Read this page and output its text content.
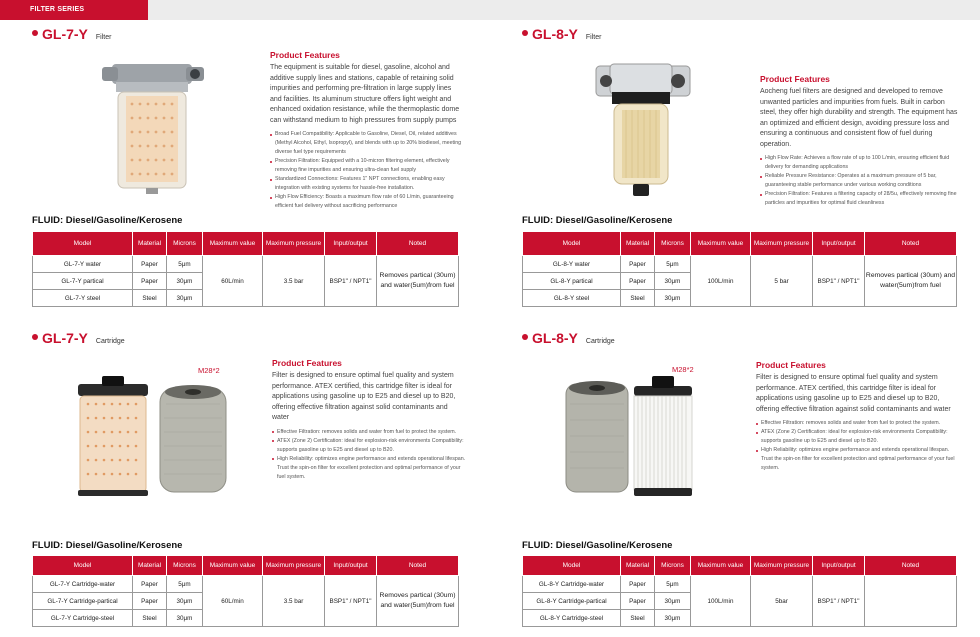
FILTER SERIES
GL-7-Y Filter
Product Features

The equipment is suitable for diesel, gasoline, alcohol and additive supply lines and stations, capable of retaining solid impurities and performing pre-filtration in large supply lines and facilities. Its aluminum structure offers light weight and enhanced oxidation resistance, while the thermoplastic dome can withstand medium to high pressures from supply pumps

Broad Fuel Compatibility: Applicable to Gasoline, Diesel, Oil, related additives (Methyl Alcohol, Ethyl, Isopropyl), and blends with up to 20% biodiesel, meeting diverse fuel type requirements
Precision Filtration: Equipped with a 10-micron filtering element, effectively removing fine impurities and ensuring ultra-clean fuel supply
Standardized Connections: Features 1" NPT connections, enabling easy integration with existing systems for hassle-free installation.
High Flow Efficiency: Boasts a maximum flow rate of 60 L/min, guaranteeing efficient fuel delivery without sacrificing performance
FLUID: Diesel/Gasoline/Kerosene
Model	Material	Microns	Maximum value	Maximum pressure	Input/output	Noted
GL-7-Y water	Paper	5μm	60L/min	3.5 bar	BSP1" / NPT1"	Removes partical (30um) and water(5um)from fuel
GL-7-Y partical	Paper	30μm				
GL-7-Y steel	Steel	30μm				
GL-8-Y Filter
Product Features

Aocheng fuel filters are designed and developed to remove unwanted particles and impurities from fuels. Built in carbon steel, they offer high durability and strength. The equipment has an optimized and efficient design, avoiding pressure loss and ensuring a continuous and consistent flow of fuel during operation.

High Flow Rate: Achieves a flow rate of up to 100 L/min, ensuring efficient fluid delivery for demanding applications
Reliable Pressure Resistance: Operates at a maximum pressure of 5 bar, guaranteeing stable performance under various working conditions
Precision Filtration: Features a filtering capacity of 28/5u, effectively removing fine particles and impurities for optimal fluid cleanliness
FLUID: Diesel/Gasoline/Kerosene
Model	Material	Microns	Maximum value	Maximum pressure	Input/output	Noted
GL-8-Y water	Paper	5μm	100L/min	5 bar	BSP1" / NPT1"	Removes partical (30um) and water(5um)from fuel
GL-8-Y partical	Paper	30μm				
GL-8-Y steel	Steel	30μm				
GL-7-Y Cartridge
M28*2
Product Features

Filter is designed to ensure optimal fuel quality and system performance. ATEX certified, this cartridge filter is ideal for applications using gasoline up to E25 and diesel up to B20, offering effective filtration against solid contaminants and water

Effective Filtration: removes solids and water from fuel to protect the system.
ATEX (Zone 2) Certification: ideal for explosion-risk environments Compatibility: supports gasoline up to E25 and diesel up to B20.
High Reliability: optimizes engine performance and extends operational lifespan.
Trust the spin-on filter for excellent protection and optimal performance of your fuel system.
FLUID: Diesel/Gasoline/Kerosene
Model	Material	Microns	Maximum value	Maximum pressure	Input/output	Noted
GL-7-Y Cartridge-water	Paper	5μm	60L/min	3.5 bar	BSP1" / NPT1"	Removes partical (30um) and water(5um)from fuel
GL-7-Y Cartridge-partical	Paper	30μm				
GL-7-Y Cartridge-steel	Steel	30μm				
GL-8-Y Cartridge
M28*2	Product Features

Filter is designed to ensure optimal fuel quality and system performance. ATEX certified, this cartridge filter is ideal for applications using gasoline up to E25 and diesel up to B20, offering effective filtration against solid contaminants and water

Effective Filtration: removes solids and water from fuel to protect the system.
ATEX (Zone 2) Certification: ideal for explosion-risk environments Compatibility: supports gasoline up to E25 and diesel up to B20.
High Reliability: optimizes engine performance and extends operational lifespan.
Trust the spin-on filter for excellent protection and optimal performance of your fuel system.
FLUID: Diesel/Gasoline/Kerosene
Model	Material	Microns	Maximum value	Maximum pressure	Input/output	Noted
GL-8-Y Cartridge-water	Paper	5μm	100L/min	5bar	BSP1" / NPT1"	
GL-8-Y Cartridge-partical	Paper	30μm				
GL-8-Y Cartridge-steel	Steel	30μm				
